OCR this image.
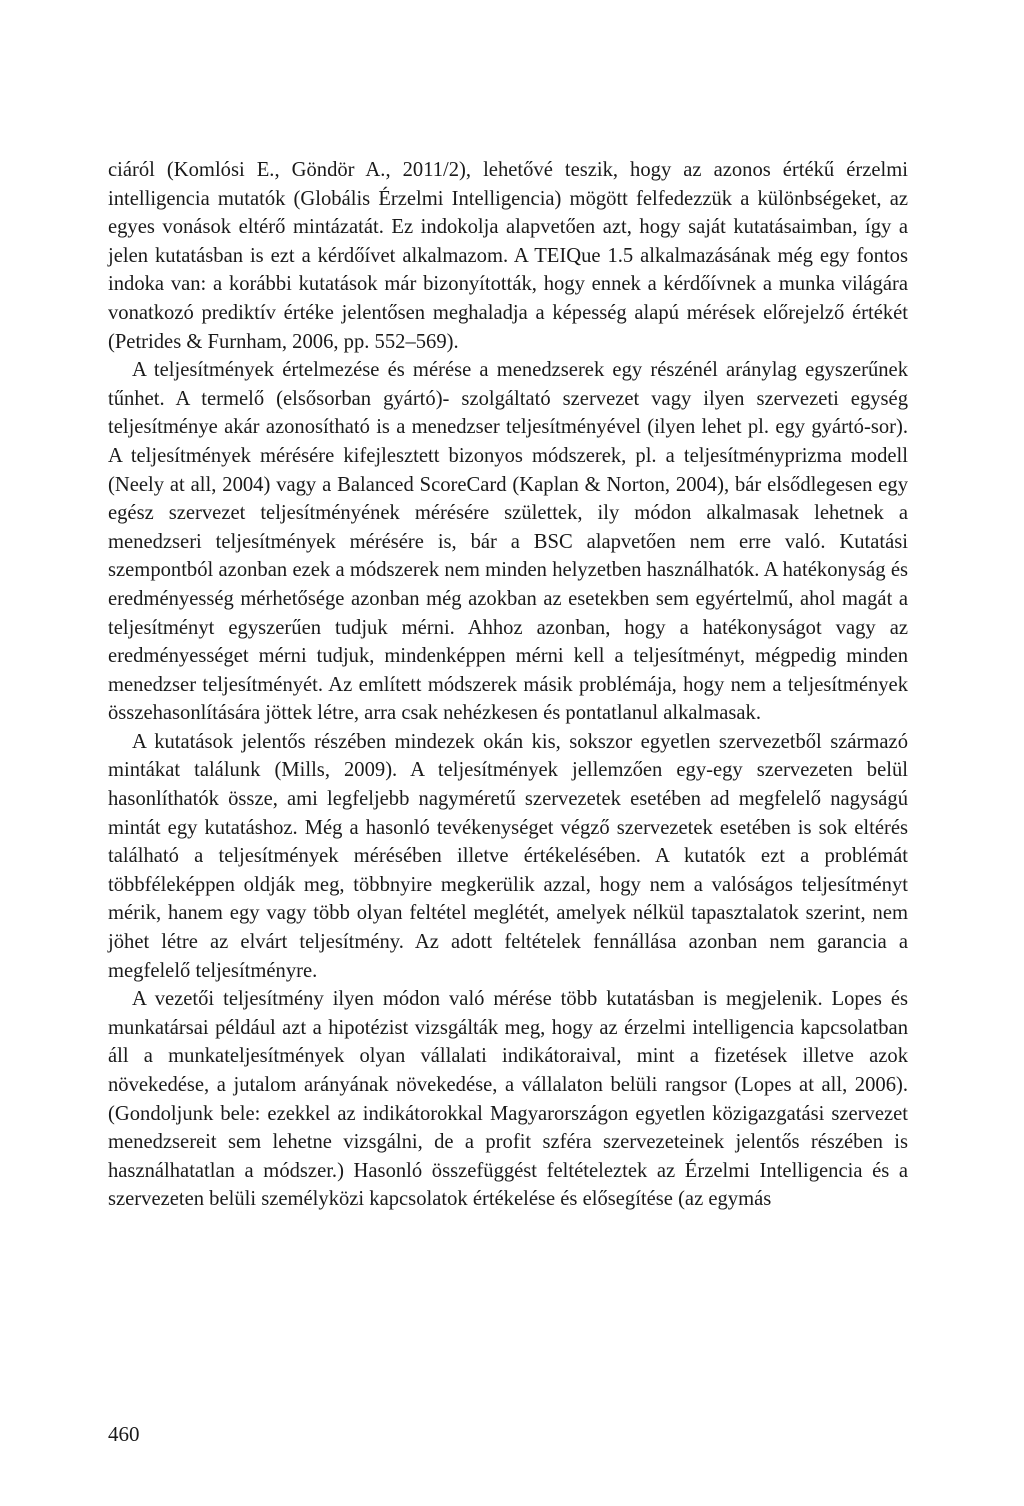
ciáról (Komlósi E., Göndör A., 2011/2), lehetővé teszik, hogy az azonos értékű érzelmi intelligencia mutatók (Globális Érzelmi Intelligencia) mögött felfedezzük a különbségeket, az egyes vonások eltérő mintázatát. Ez indokolja alapvetően azt, hogy saját kutatásaimban, így a jelen kutatásban is ezt a kérdőívet alkalmazom. A TEIQue 1.5 alkalmazásának még egy fontos indoka van: a korábbi kutatások már bizonyították, hogy ennek a kérdőívnek a munka világára vonatkozó prediktív értéke jelentősen meghaladja a képesség alapú mérések előrejelző értékét (Petrides & Furnham, 2006, pp. 552–569).

A teljesítmények értelmezése és mérése a menedzserek egy részénél aránylag egyszerűnek tűnhet. A termelő (elsősorban gyártó)- szolgáltató szervezet vagy ilyen szervezeti egység teljesítménye akár azonosítható is a menedzser teljesítményével (ilyen lehet pl. egy gyártó-sor). A teljesítmények mérésére kifejlesztett bizonyos módszerek, pl. a teljesítményprizma modell (Neely at all, 2004) vagy a Balanced ScoreCard (Kaplan & Norton, 2004), bár elsődlegesen egy egész szervezet teljesítményének mérésére születtek, ily módon alkalmasak lehetnek a menedzseri teljesítmények mérésére is, bár a BSC alapvetően nem erre való. Kutatási szempontból azonban ezek a módszerek nem minden helyzetben használhatók. A hatékonyság és eredményesség mérhetősége azonban még azokban az esetekben sem egyértelmű, ahol magát a teljesítményt egyszerűen tudjuk mérni. Ahhoz azonban, hogy a hatékonyságot vagy az eredményességet mérni tudjuk, mindenképpen mérni kell a teljesítményt, mégpedig minden menedzser teljesítményét. Az említett módszerek másik problémája, hogy nem a teljesítmények összehasonlítására jöttek létre, arra csak nehézkesen és pontatlanul alkalmasak.

A kutatások jelentős részében mindezek okán kis, sokszor egyetlen szervezetből származó mintákat találunk (Mills, 2009). A teljesítmények jellemzően egy-egy szervezeten belül hasonlíthatók össze, ami legfeljebb nagyméretű szervezetek esetében ad megfelelő nagyságú mintát egy kutatáshoz. Még a hasonló tevékenységet végző szervezetek esetében is sok eltérés található a teljesítmények mérésében illetve értékelésében. A kutatók ezt a problémát többféleképpen oldják meg, többnyire megkerülik azzal, hogy nem a valóságos teljesítményt mérik, hanem egy vagy több olyan feltétel meglétét, amelyek nélkül tapasztalatok szerint, nem jöhet létre az elvárt teljesítmény. Az adott feltételek fennállása azonban nem garancia a megfelelő teljesítményre.

A vezetői teljesítmény ilyen módon való mérése több kutatásban is megjelenik. Lopes és munkatársai például azt a hipotézist vizsgálták meg, hogy az érzelmi intelligencia kapcsolatban áll a munkateljesítmények olyan vállalati indikátoraival, mint a fizetések illetve azok növekedése, a jutalom arányának növekedése, a vállalaton belüli rangsor (Lopes at all, 2006). (Gondoljunk bele: ezekkel az indikátorokkal Magyarországon egyetlen közigazgatási szervezet menedzsereit sem lehetne vizsgálni, de a profit szféra szervezeteinek jelentős részében is használhatatlan a módszer.) Hasonló összefüggést feltételeztek az Érzelmi Intelligencia és a szervezeten belüli személyközi kapcsolatok értékelése és elősegítése (az egymás

460
